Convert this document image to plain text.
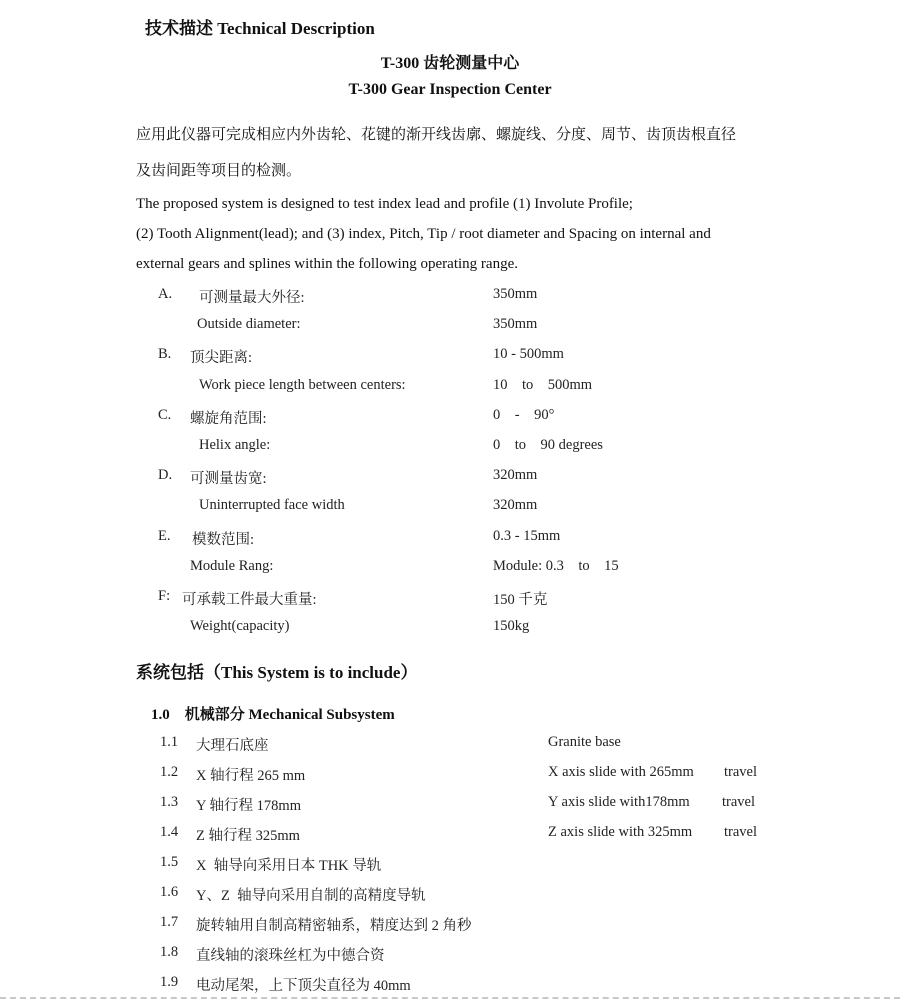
技术描述 Technical Description
T-300 齿轮测量中心
T-300 Gear Inspection Center
应用此仪器可完成相应内外齿轮、花键的渐开线齿廓、螺旋线、分度、周节、齿顶齿根直径
及齿间距等项目的检测。
The proposed system is designed to test index lead and profile (1) Involute Profile;
(2) Tooth Alignment(lead); and (3) index, Pitch, Tip / root diameter and Spacing on internal and
external gears and splines within the following operating range.
A. 可测量最大外径:	350mm
Outside diameter:	350mm
B. 顶尖距离:	10 - 500mm
Work piece length between centers:	10    to    500mm
C. 螺旋角范围:	0    -    90°
Helix angle:	0    to    90 degrees
D. 可测量齿宽:	320mm
Uninterrupted face width	320mm
E. 模数范围:	0.3 - 15mm
Module Rang:	Module: 0.3    to    15
F: 可承载工件最大重量:	150 千克
Weight(capacity)	150kg
系统包括（This System is to include）
1.0    机械部分 Mechanical Subsystem
1.1 大理石底座	Granite base
1.2 X 轴行程 265 mm	X axis slide with 265mm travel
1.3 Y 轴行程 178mm	Y axis slide with178mm travel
1.4 Z 轴行程 325mm	Z axis slide with 325mm travel
1.5 X  轴导向采用日本 THK 导轨
1.6 Y、Z  轴导向采用自制的高精度导轨
1.7 旋转轴用自制高精密轴系，精度达到 2 角秒
1.8 直线轴的滚珠丝杠为中德合资
1.9 电动尾架，上下顶尖直径为 40mm
